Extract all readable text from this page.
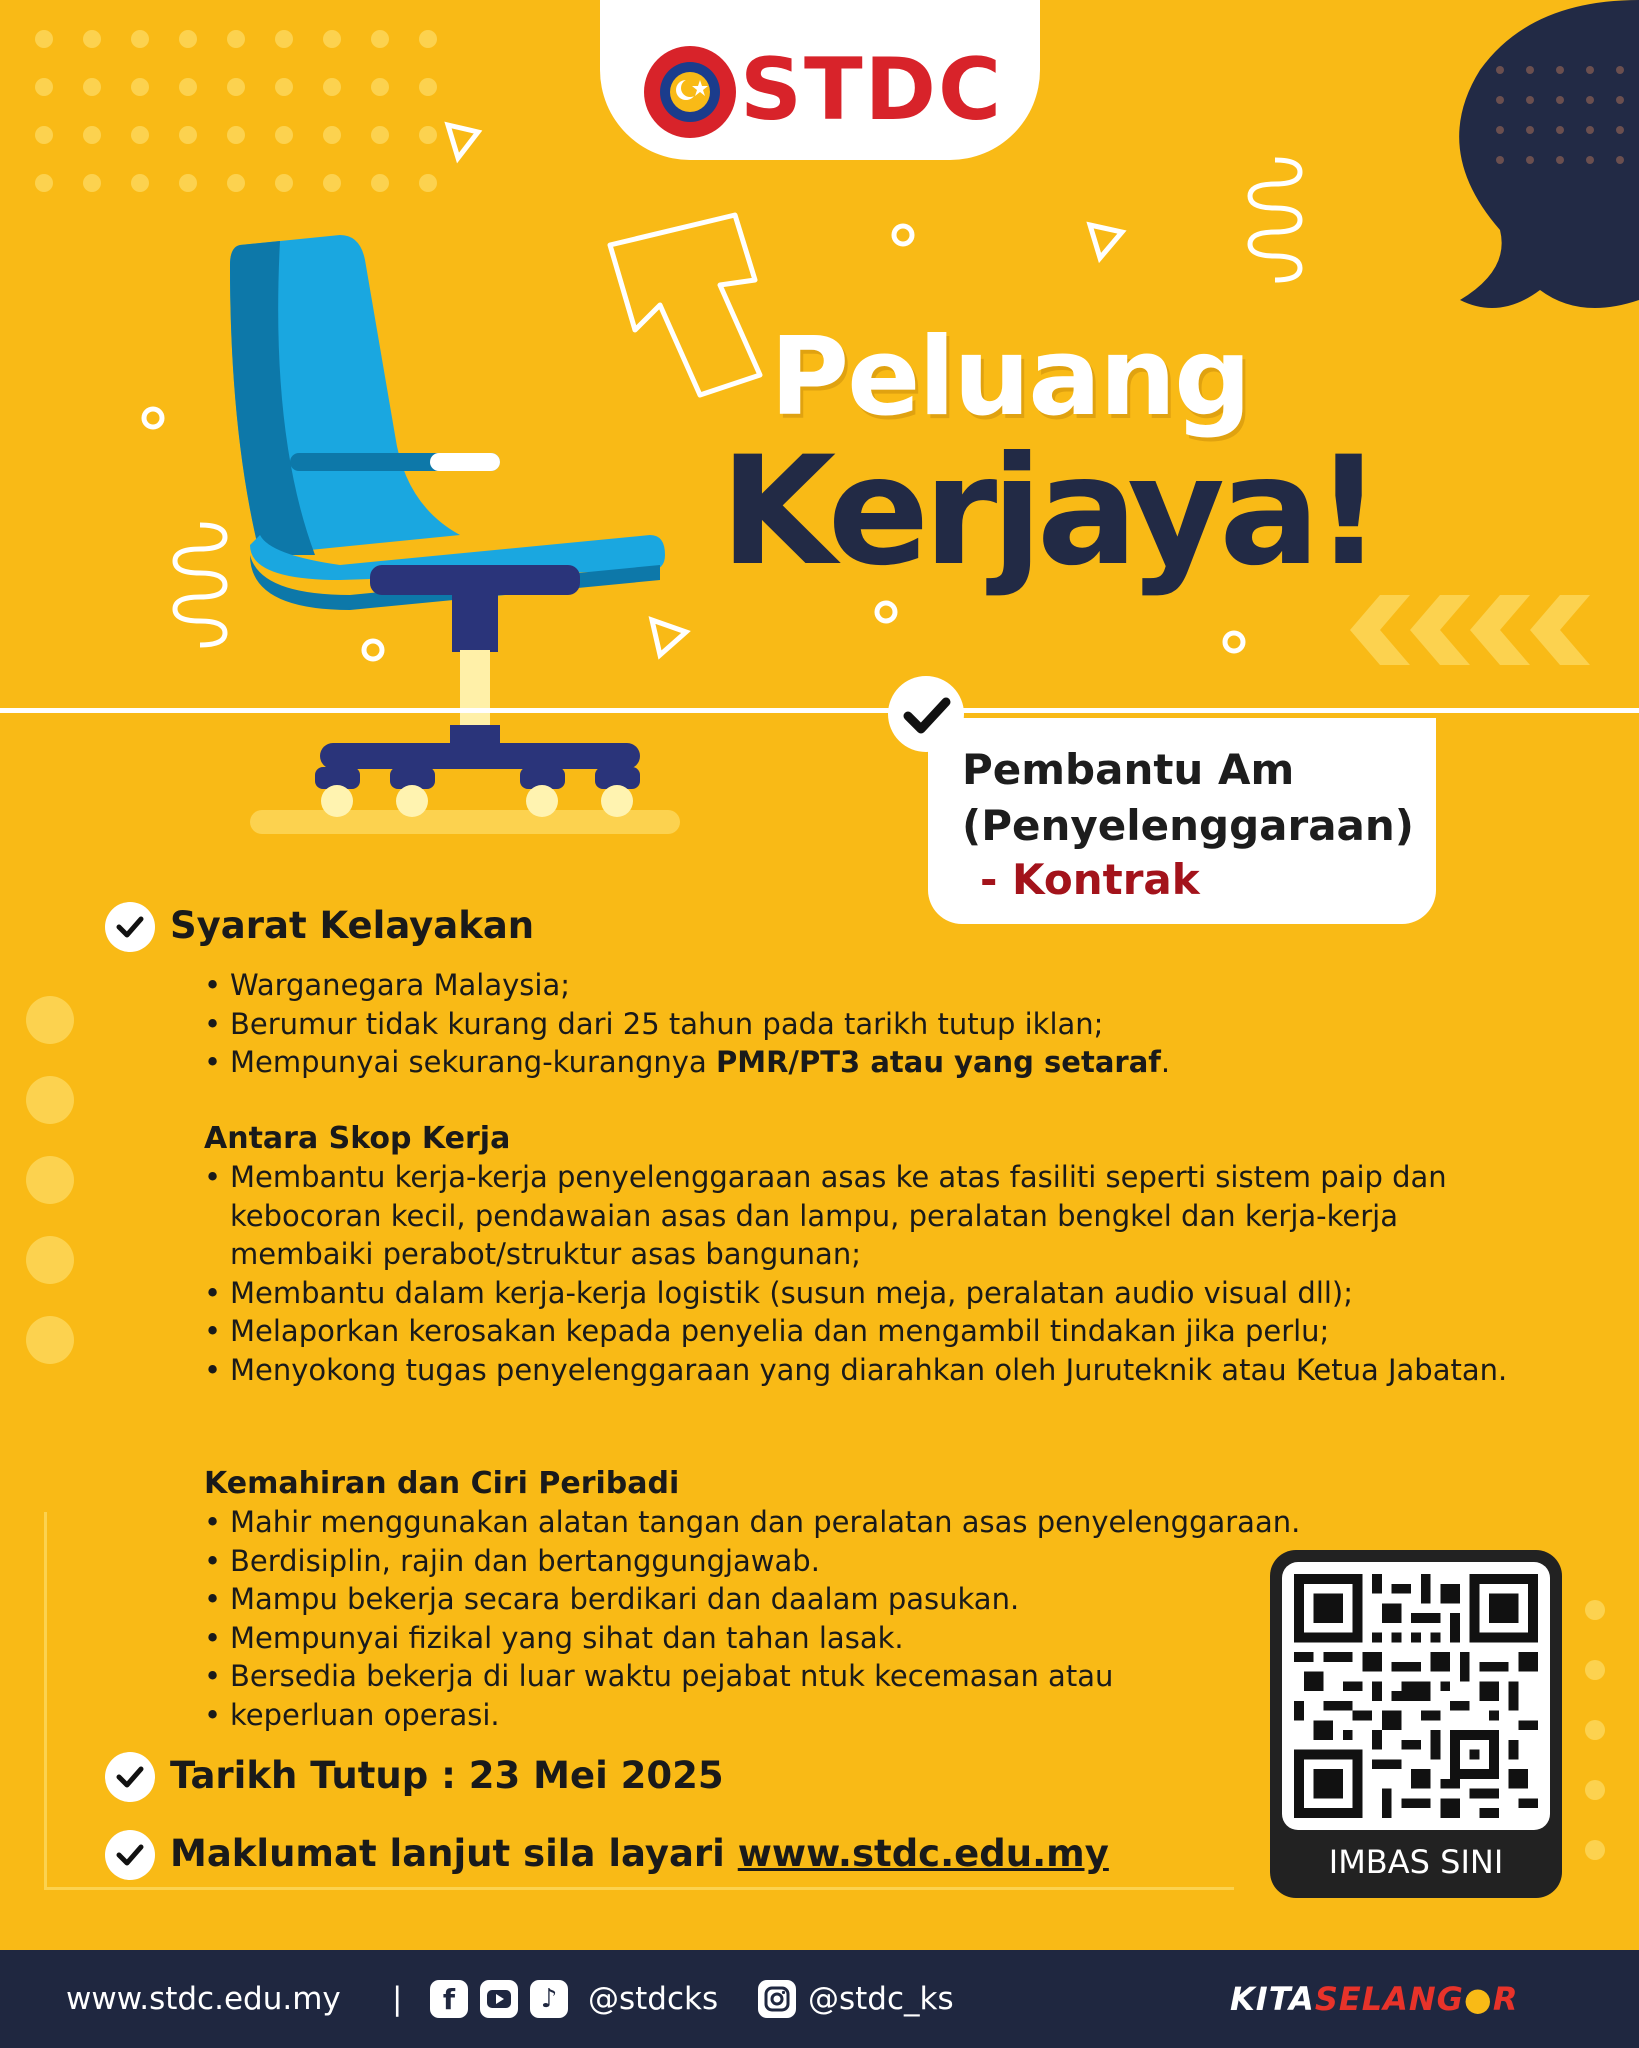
STDC
Peluang
Kerjaya!
Pembantu Am (Penyelenggaraan)
- Kontrak
Syarat Kelayakan
• Warganegara Malaysia;
• Berumur tidak kurang dari 25 tahun pada tarikh tutup iklan;
• Mempunyai sekurang-kurangnya PMR/PT3 atau yang setaraf.
Antara Skop Kerja
• Membantu kerja-kerja penyelenggaraan asas ke atas fasiliti seperti sistem paip dan kebocoran kecil, pendawaian asas dan lampu, peralatan bengkel dan kerja-kerja membaiki perabot/struktur asas bangunan;
• Membantu dalam kerja-kerja logistik (susun meja, peralatan audio visual dll);
• Melaporkan kerosakan kepada penyelia dan mengambil tindakan jika perlu;
• Menyokong tugas penyelenggaraan yang diarahkan oleh Juruteknik atau Ketua Jabatan.
Kemahiran dan Ciri Peribadi
• Mahir menggunakan alatan tangan dan peralatan asas penyelenggaraan.
• Berdisiplin, rajin dan bertanggungjawab.
• Mampu bekerja secara berdikari dan daalam pasukan.
• Mempunyai fizikal yang sihat dan tahan lasak.
• Bersedia bekerja di luar waktu pejabat ntuk kecemasan atau
• keperluan operasi.
Tarikh Tutup : 23 Mei 2025
Maklumat lanjut sila layari www.stdc.edu.my	IMBAS SINI
www.stdc.edu.my | f	♪ @stdcks	@stdc_ks	KITASELANG●R
